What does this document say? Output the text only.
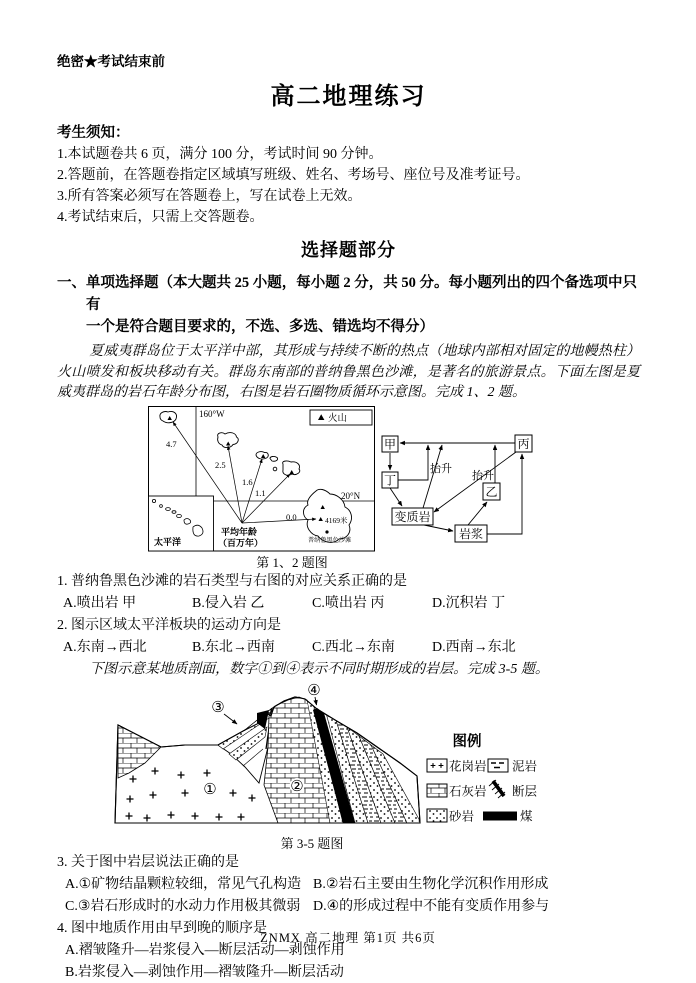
绝密★考试结束前
高二地理练习
考生须知：
1.本试题卷共 6 页，满分 100 分，考试时间 90 分钟。
2.答题前，在答题卷指定区域填写班级、姓名、考场号、座位号及准考证号。
3.所有答案必须写在答题卷上，写在试卷上无效。
4.考试结束后，只需上交答题卷。
选择题部分
一、单项选择题（本大题共 25 小题，每小题 2 分，共 50 分。每小题列出的四个备选项中只有
一个是符合题目要求的，不选、多选、错选均不得分）

夏威夷群岛位于太平洋中部，其形成与持续不断的热点（地球内部相对固定的地幔热柱）火山喷发和板块移动有关。群岛东南部的普纳鲁黑色沙滩，是著名的旅游景点。下面左图是夏威夷群岛的岩石年龄分布图，右图是岩石圈物质循环示意图。完成 1、2 题。

160°W	火山
4.7
2.5
1.6
1.1
0.0
20°N
4169米
普纳鲁黑色沙滩
太平洋
平均年龄
（百万年）
甲	丙
丁
乙
变质岩
岩浆
抬升
抬升
第 1、2 题图
1. 普纳鲁黑色沙滩的岩石类型与右图的对应关系正确的是
A.喷出岩 甲	B.侵入岩 乙	C.喷出岩 丙	D.沉积岩 丁
2. 图示区域太平洋板块的运动方向是
A.东南→西北	B.东北→西南	C.西北→东南	D.西南→东北

下图示意某地质剖面，数字①到④表示不同时期形成的岩层。完成 3-5 题。

①	②
③
④
图例
花岗岩 泥岩
石灰岩 断层
砂岩	煤
第 3-5 题图
3. 关于图中岩层说法正确的是
A.①矿物结晶颗粒较细，常见气孔构造 B.②岩石主要由生物化学沉积作用形成
C.③岩石形成时的水动力作用极其微弱 D.④的形成过程中不能有变质作用参与
4. 图中地质作用由早到晚的顺序是
A.褶皱隆升—岩浆侵入—断层活动—剥蚀作用
B.岩浆侵入—剥蚀作用—褶皱隆升—断层活动
ZNMX 高二地理 第1页 共6页
